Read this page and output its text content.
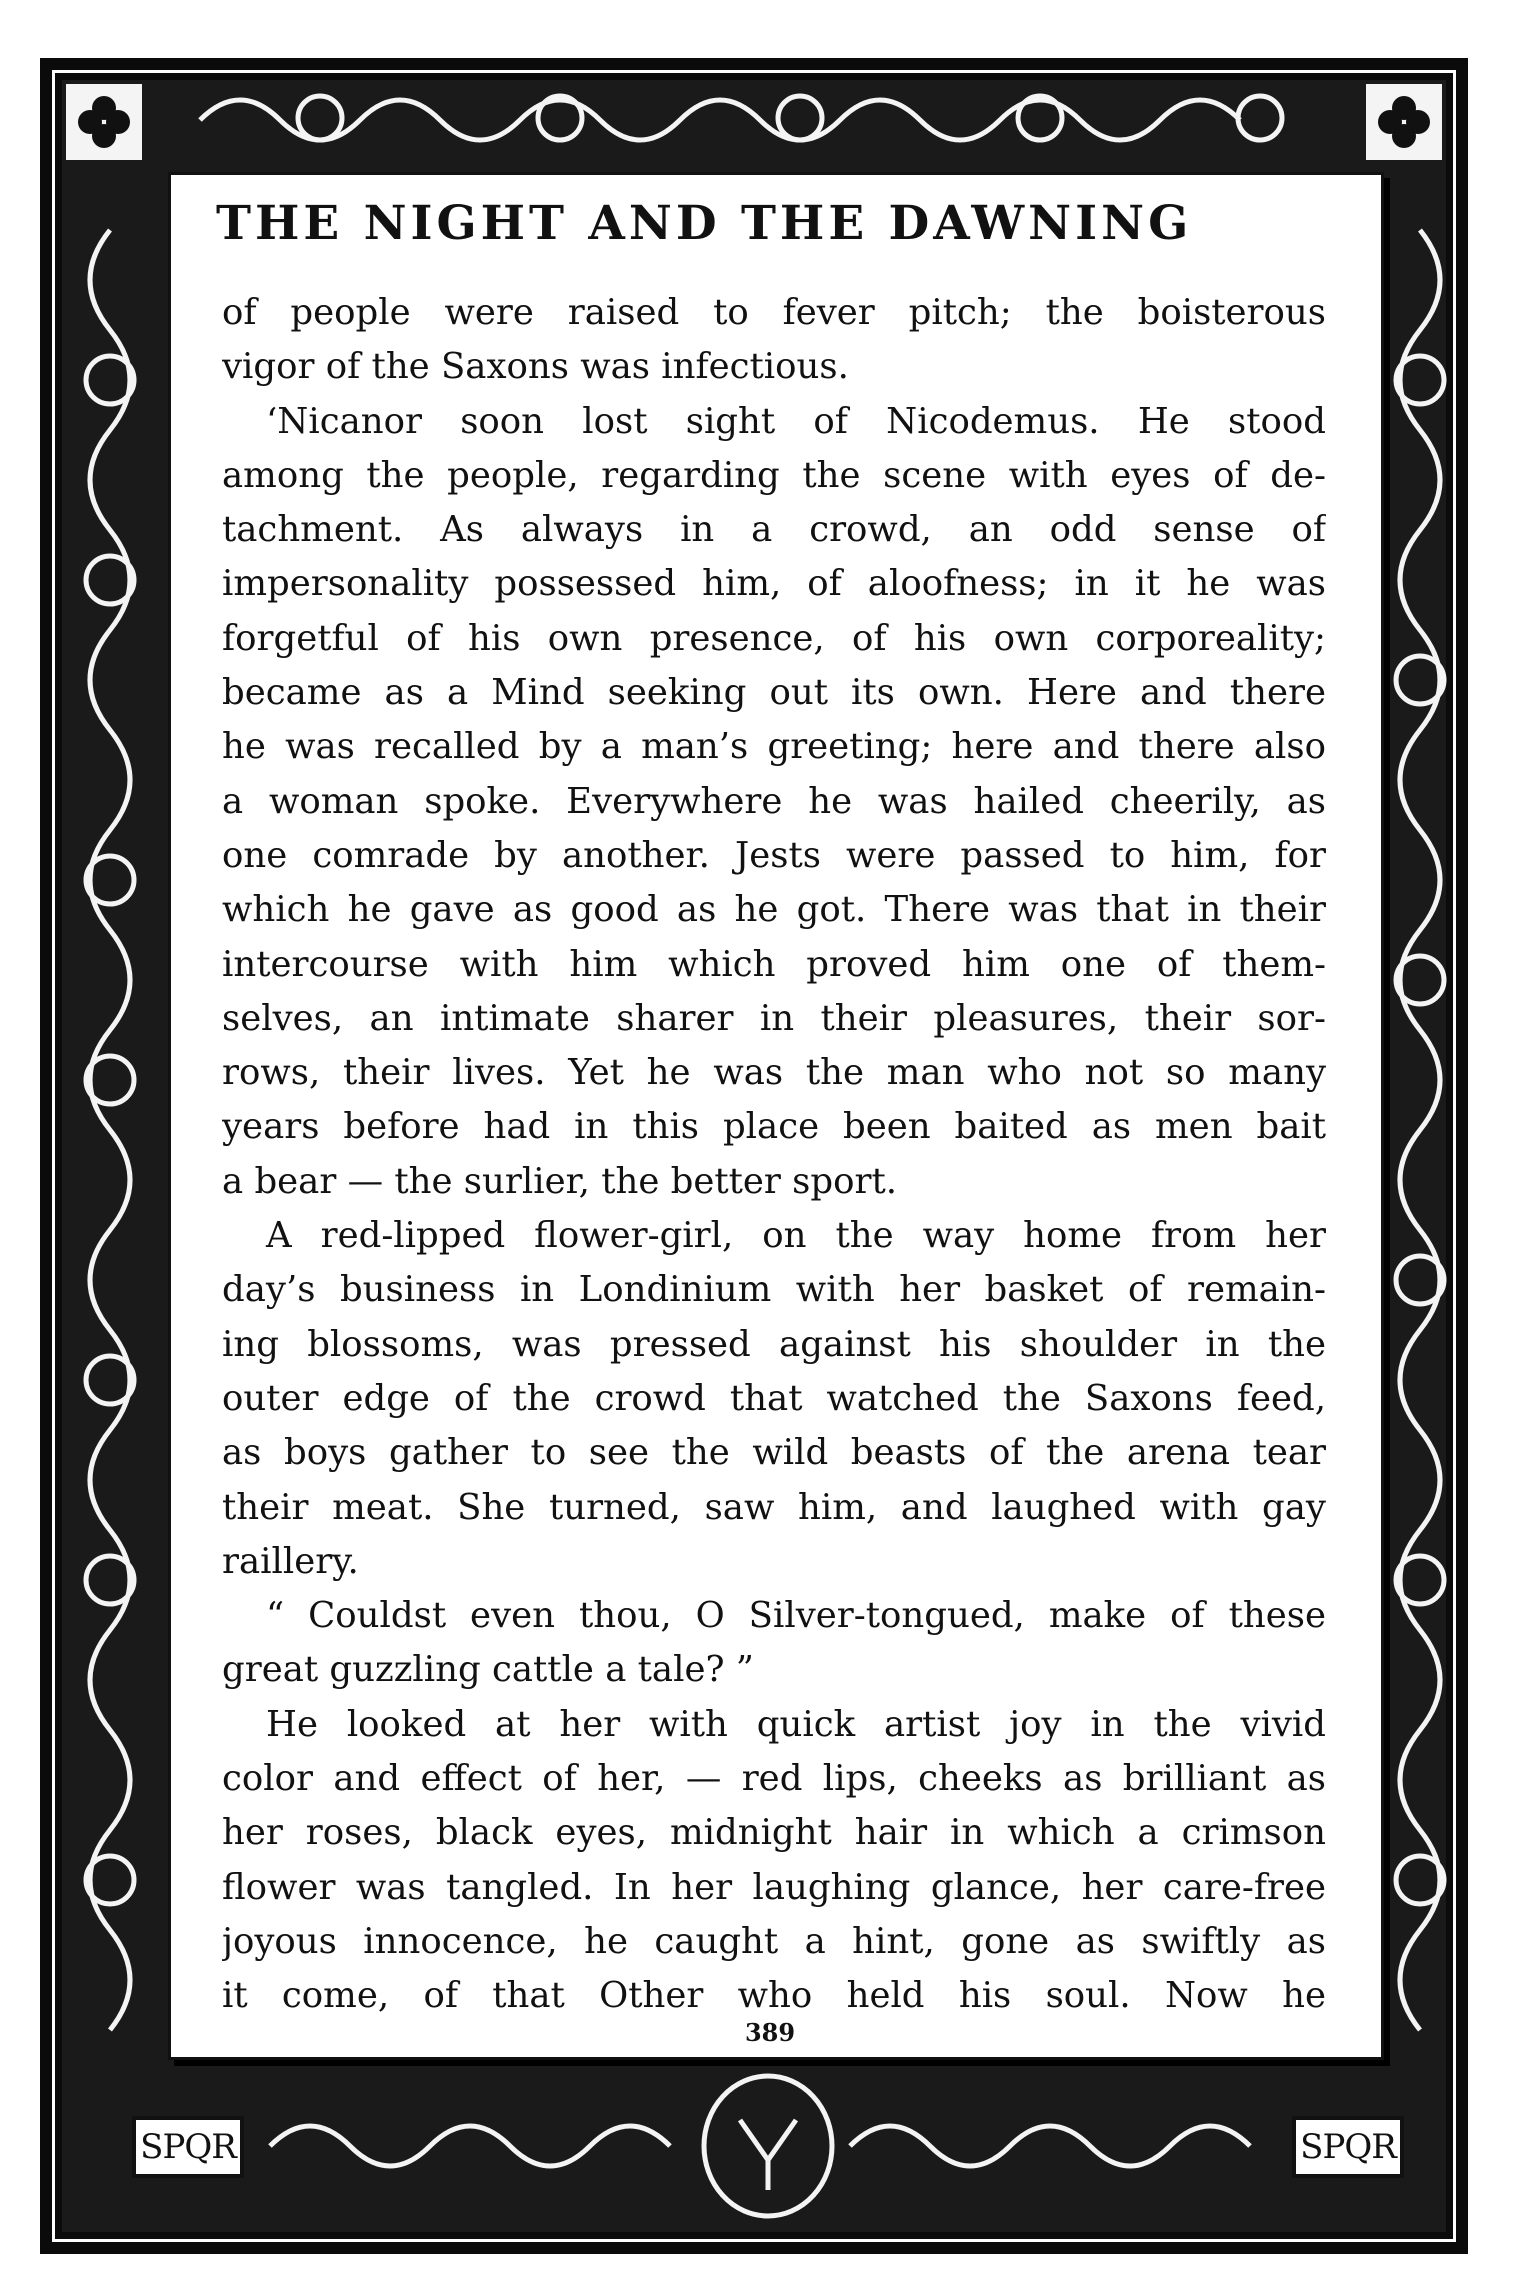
SPQR	SPQR
THE NIGHT AND THE DAWNING
of people were raised to fever pitch; the boisterous
vigor of the Saxons was infectious.
‘Nicanor soon lost sight of Nicodemus. He stood
among the people, regarding the scene with eyes of de-
tachment. As always in a crowd, an odd sense of
impersonality possessed him, of aloofness; in it he was
forgetful of his own presence, of his own corporeality;
became as a Mind seeking out its own. Here and there
he was recalled by a man’s greeting; here and there also
a woman spoke. Everywhere he was hailed cheerily, as
one comrade by another. Jests were passed to him, for
which he gave as good as he got. There was that in their
intercourse with him which proved him one of them-
selves, an intimate sharer in their pleasures, their sor-
rows, their lives. Yet he was the man who not so many
years before had in this place been baited as men bait
a bear — the surlier, the better sport.
A red-lipped flower-girl, on the way home from her
day’s business in Londinium with her basket of remain-
ing blossoms, was pressed against his shoulder in the
outer edge of the crowd that watched the Saxons feed,
as boys gather to see the wild beasts of the arena tear
their meat. She turned, saw him, and laughed with gay
raillery.
“ Couldst even thou, O Silver-tongued, make of these
great guzzling cattle a tale? ”
He looked at her with quick artist joy in the vivid
color and effect of her, — red lips, cheeks as brilliant as
her roses, black eyes, midnight hair in which a crimson
flower was tangled. In her laughing glance, her care-free
joyous innocence, he caught a hint, gone as swiftly as
it come, of that Other who held his soul. Now he
389
